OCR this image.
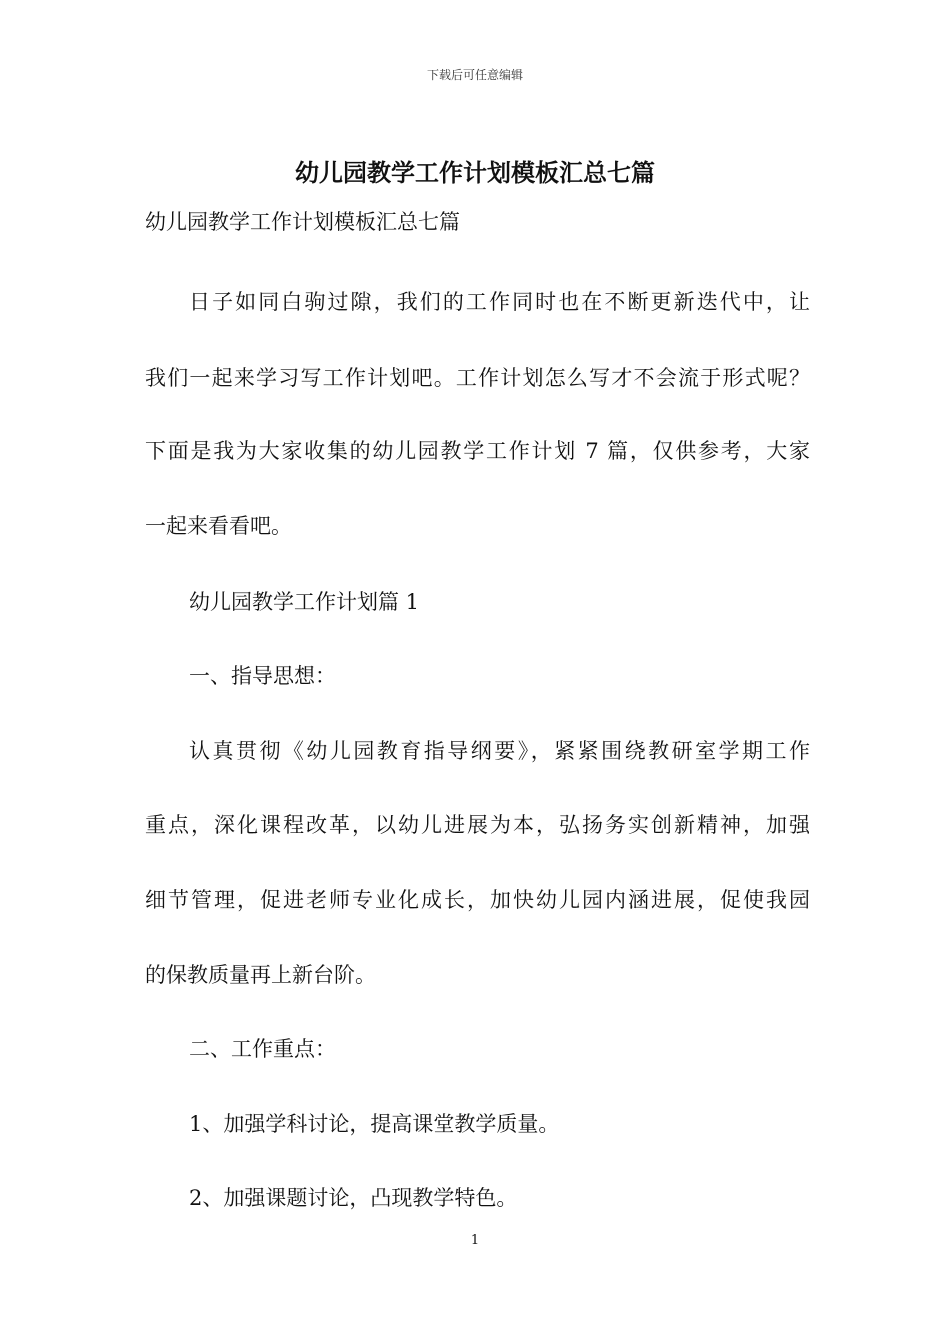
下载后可任意编辑
幼儿园教学工作计划模板汇总七篇

幼儿园教学工作计划模板汇总七篇

日子如同白驹过隙，我们的工作同时也在不断更新迭代中，让

我们一起来学习写工作计划吧。工作计划怎么写才不会流于形式呢？

下面是我为大家收集的幼儿园教学工作计划 7 篇，仅供参考，大家

一起来看看吧。

幼儿园教学工作计划篇 1

一、指导思想：

认真贯彻《幼儿园教育指导纲要》，紧紧围绕教研室学期工作

重点，深化课程改革，以幼儿进展为本，弘扬务实创新精神，加强

细节管理，促进老师专业化成长，加快幼儿园内涵进展，促使我园

的保教质量再上新台阶。

二、工作重点：

1、加强学科讨论，提高课堂教学质量。

2、加强课题讨论，凸现教学特色。

1
